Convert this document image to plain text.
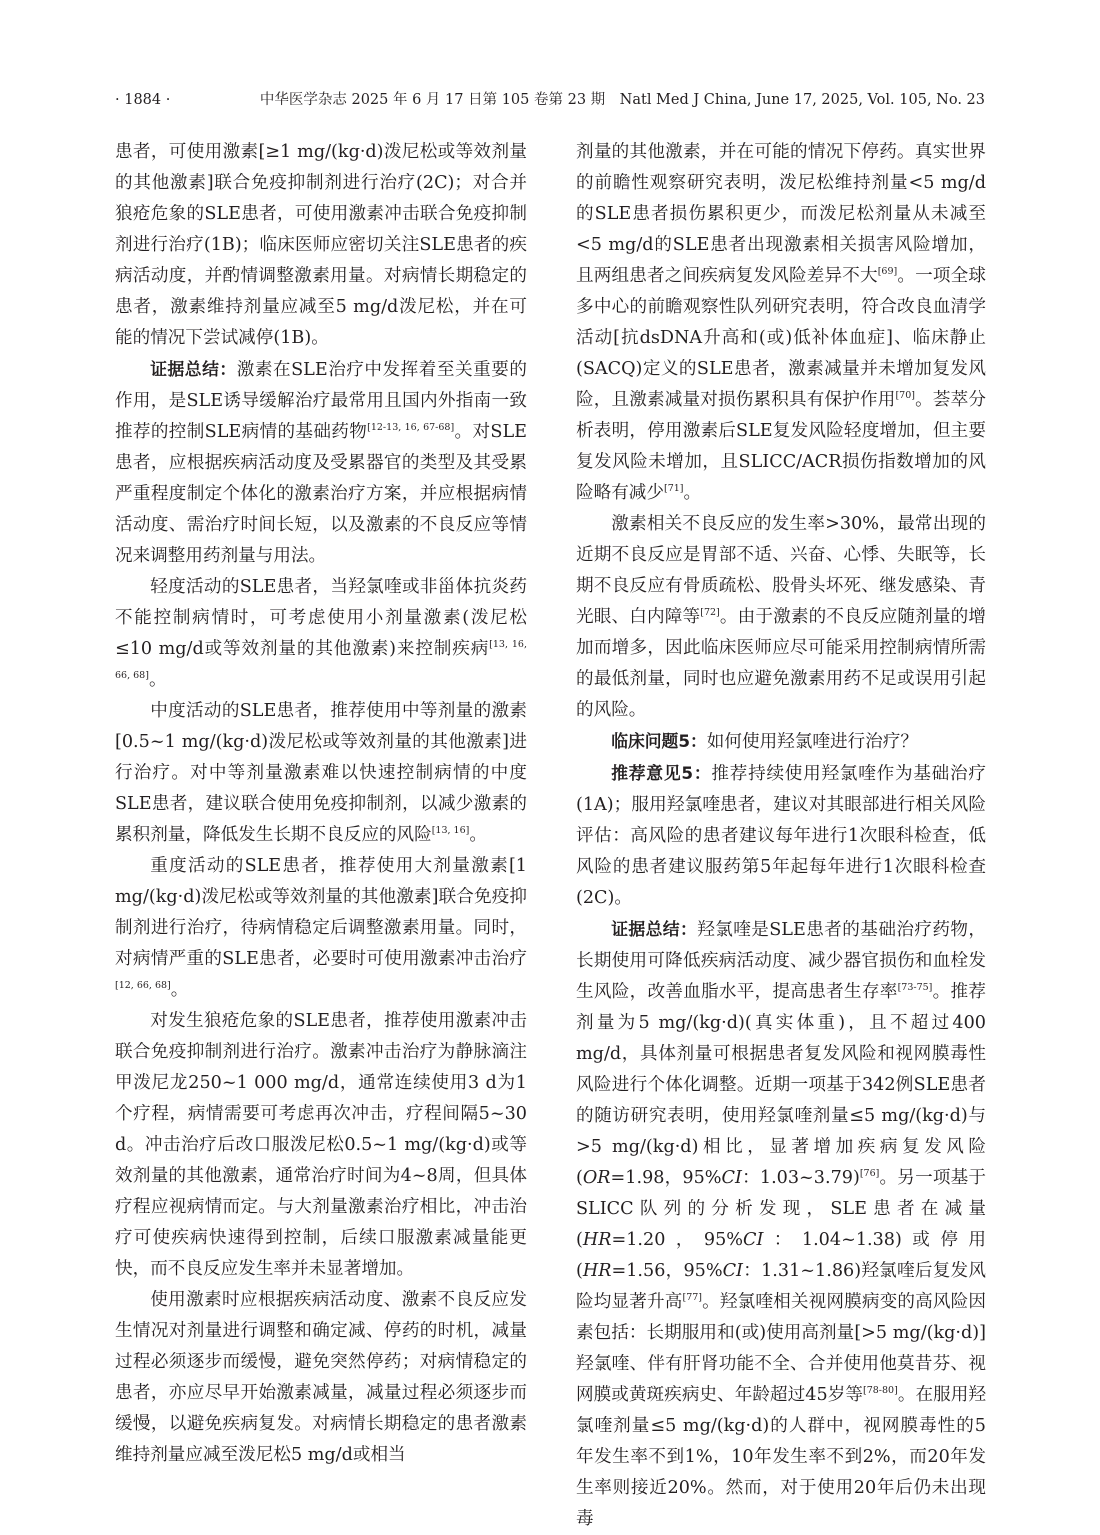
· 1884 ·	中华医学杂志 2025 年 6 月 17 日第 105 卷第 23 期　Natl Med J China, June 17, 2025, Vol. 105, No. 23

患者，可使用激素[≥1 mg/(kg·d)泼尼松或等效剂量的其他激素]联合免疫抑制剂进行治疗(2C)；对合并狼疮危象的SLE患者，可使用激素冲击联合免疫抑制剂进行治疗(1B)；临床医师应密切关注SLE患者的疾病活动度，并酌情调整激素用量。对病情长期稳定的患者，激素维持剂量应减至5 mg/d泼尼松，并在可能的情况下尝试减停(1B)。

证据总结：激素在SLE治疗中发挥着至关重要的作用，是SLE诱导缓解治疗最常用且国内外指南一致推荐的控制SLE病情的基础药物[12-13, 16, 67-68]。对SLE患者，应根据疾病活动度及受累器官的类型及其受累严重程度制定个体化的激素治疗方案，并应根据病情活动度、需治疗时间长短，以及激素的不良反应等情况来调整用药剂量与用法。

轻度活动的SLE患者，当羟氯喹或非甾体抗炎药不能控制病情时，可考虑使用小剂量激素(泼尼松≤10 mg/d或等效剂量的其他激素)来控制疾病[13, 16, 66, 68]。

中度活动的SLE患者，推荐使用中等剂量的激素[0.5~1 mg/(kg·d)泼尼松或等效剂量的其他激素]进行治疗。对中等剂量激素难以快速控制病情的中度SLE患者，建议联合使用免疫抑制剂，以减少激素的累积剂量，降低发生长期不良反应的风险[13, 16]。

重度活动的SLE患者，推荐使用大剂量激素[1 mg/(kg·d)泼尼松或等效剂量的其他激素]联合免疫抑制剂进行治疗，待病情稳定后调整激素用量。同时，对病情严重的SLE患者，必要时可使用激素冲击治疗[12, 66, 68]。

对发生狼疮危象的SLE患者，推荐使用激素冲击联合免疫抑制剂进行治疗。激素冲击治疗为静脉滴注甲泼尼龙250~1 000 mg/d，通常连续使用3 d为1个疗程，病情需要可考虑再次冲击，疗程间隔5~30 d。冲击治疗后改口服泼尼松0.5~1 mg/(kg·d)或等效剂量的其他激素，通常治疗时间为4~8周，但具体疗程应视病情而定。与大剂量激素治疗相比，冲击治疗可使疾病快速得到控制，后续口服激素减量能更快，而不良反应发生率并未显著增加。

使用激素时应根据疾病活动度、激素不良反应发生情况对剂量进行调整和确定减、停药的时机，减量过程必须逐步而缓慢，避免突然停药；对病情稳定的患者，亦应尽早开始激素减量，减量过程必须逐步而缓慢，以避免疾病复发。对病情长期稳定的患者激素维持剂量应减至泼尼松5 mg/d或相当

剂量的其他激素，并在可能的情况下停药。真实世界的前瞻性观察研究表明，泼尼松维持剂量<5 mg/d的SLE患者损伤累积更少，而泼尼松剂量从未减至<5 mg/d的SLE患者出现激素相关损害风险增加，且两组患者之间疾病复发风险差异不大[69]。一项全球多中心的前瞻观察性队列研究表明，符合改良血清学活动[抗dsDNA升高和(或)低补体血症]、临床静止(SACQ)定义的SLE患者，激素减量并未增加复发风险，且激素减量对损伤累积具有保护作用[70]。荟萃分析表明，停用激素后SLE复发风险轻度增加，但主要复发风险未增加，且SLICC/ACR损伤指数增加的风险略有减少[71]。

激素相关不良反应的发生率>30%，最常出现的近期不良反应是胃部不适、兴奋、心悸、失眠等，长期不良反应有骨质疏松、股骨头坏死、继发感染、青光眼、白内障等[72]。由于激素的不良反应随剂量的增加而增多，因此临床医师应尽可能采用控制病情所需的最低剂量，同时也应避免激素用药不足或误用引起的风险。

临床问题5：如何使用羟氯喹进行治疗？

推荐意见5：推荐持续使用羟氯喹作为基础治疗(1A)；服用羟氯喹患者，建议对其眼部进行相关风险评估：高风险的患者建议每年进行1次眼科检查，低风险的患者建议服药第5年起每年进行1次眼科检查(2C)。

证据总结：羟氯喹是SLE患者的基础治疗药物，长期使用可降低疾病活动度、减少器官损伤和血栓发生风险，改善血脂水平，提高患者生存率[73-75]。推荐剂量为5 mg/(kg·d)(真实体重)，且不超过400 mg/d，具体剂量可根据患者复发风险和视网膜毒性风险进行个体化调整。近期一项基于342例SLE患者的随访研究表明，使用羟氯喹剂量≤5 mg/(kg·d)与>5 mg/(kg·d)相比，显著增加疾病复发风险(OR=1.98，95%CI：1.03~3.79)[76]。另一项基于SLICC队列的分析发现，SLE患者在减量(HR=1.20，95%CI：1.04~1.38)或停用(HR=1.56，95%CI：1.31~1.86)羟氯喹后复发风险均显著升高[77]。羟氯喹相关视网膜病变的高风险因素包括：长期服用和(或)使用高剂量[>5 mg/(kg·d)]羟氯喹、伴有肝肾功能不全、合并使用他莫昔芬、视网膜或黄斑疾病史、年龄超过45岁等[78-80]。在服用羟氯喹剂量≤5 mg/(kg·d)的人群中，视网膜毒性的5年发生率不到1%，10年发生率不到2%，而20年发生率则接近20%。然而，对于使用20年后仍未出现毒
